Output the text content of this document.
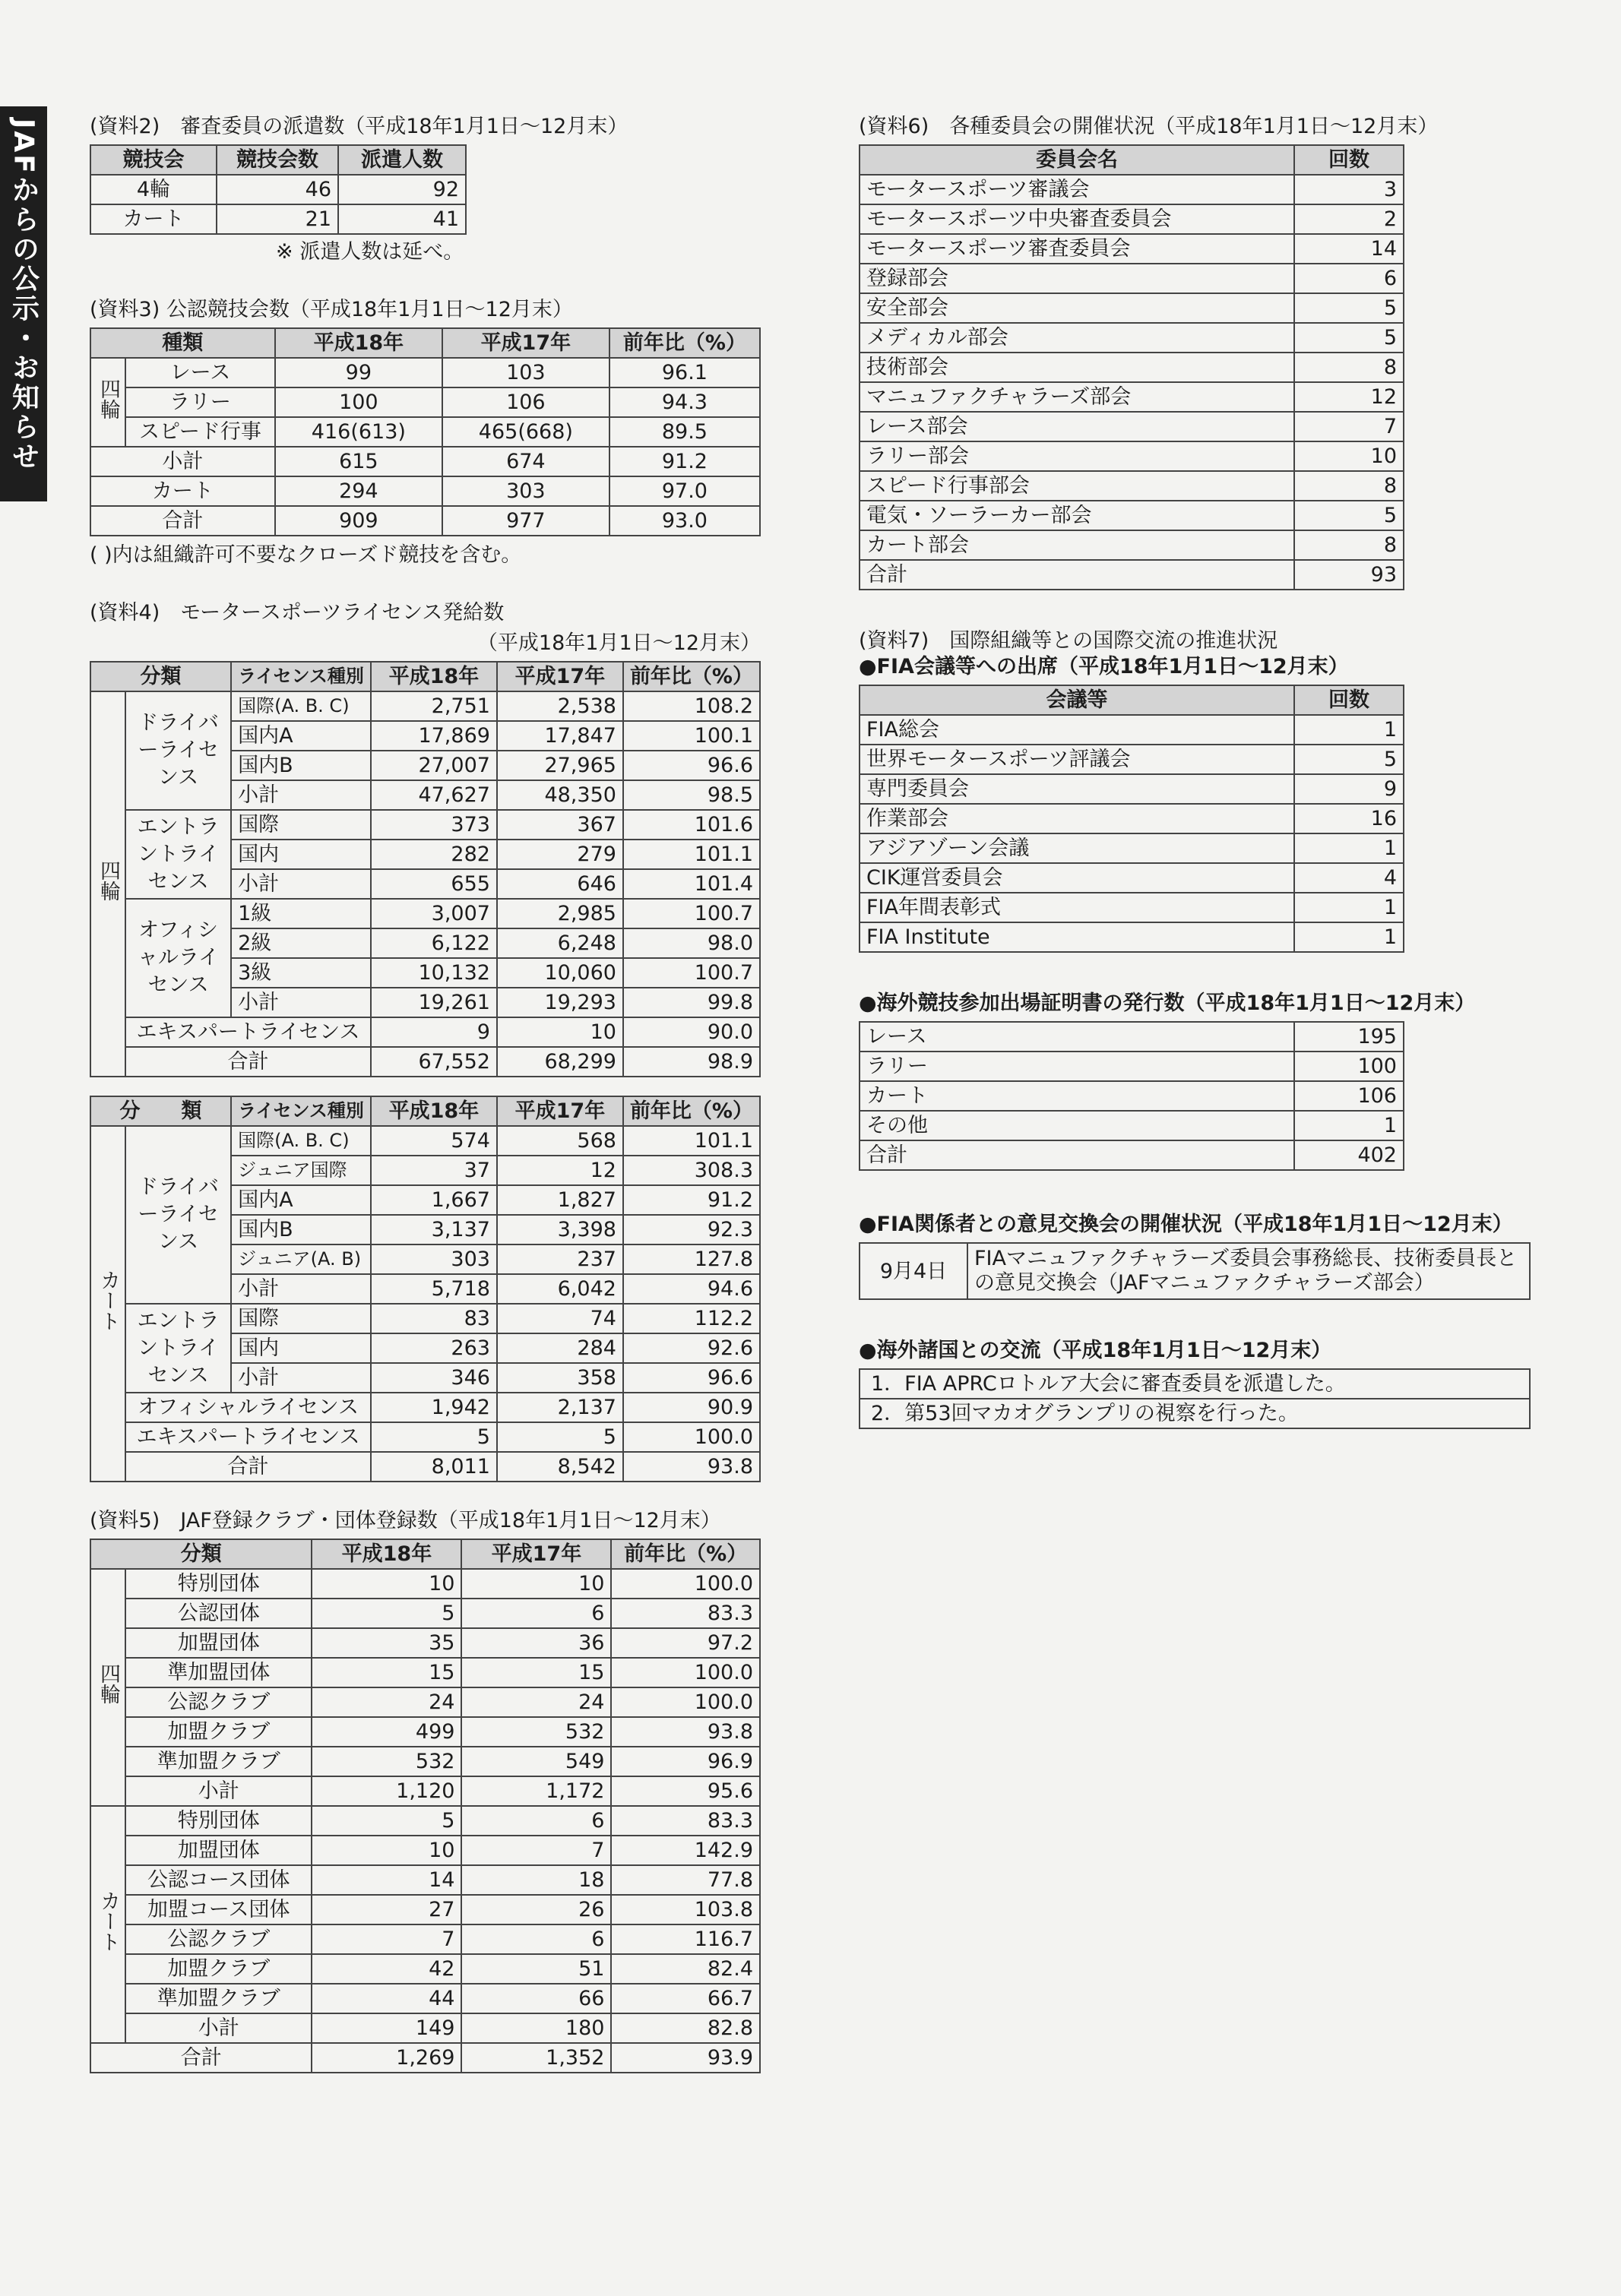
JAFからの公示・お知らせ (資料2)　審査委員の派遣数（平成18年1月1日〜12月末）
競技会	競技会数	派遣人数
4輪	46	92
カート	21	41
※ 派遣人数は延べ。
(資料3) 公認競技会数（平成18年1月1日〜12月末）
種類		平成18年	平成17年	前年比（%）
四輪	レース	99	103	96.1
	ラリー	100	106	94.3
	スピード行事	416(613)	465(668)	89.5
小計		615	674	91.2
カート		294	303	97.0
合計		909	977	93.0
( )内は組織許可不要なクローズド競技を含む。
(資料4)　モータースポーツライセンス発給数
（平成18年1月1日〜12月末）
分類		ライセンス種別	平成18年	平成17年	前年比（%）
四輪	ドライバーライセンス	国際(A. B. C)	2,751	2,538	108.2
		国内A	17,869	17,847	100.1
		国内B	27,007	27,965	96.6
		小計	47,627	48,350	98.5
	エントラントライセンス	国際	373	367	101.6
		国内	282	279	101.1
		小計	655	646	101.4
	オフィシャルライセンス	1級	3,007	2,985	100.7
		2級	6,122	6,248	98.0
		3級	10,132	10,060	100.7
		小計	19,261	19,293	99.8
	エキスパートライセンス		9	10	90.0
	合計		67,552	68,299	98.9
分　　類		ライセンス種別	平成18年	平成17年	前年比（%）
カート	ドライバーライセンス	国際(A. B. C)	574	568	101.1
		ジュニア国際	37	12	308.3
		国内A	1,667	1,827	91.2
		国内B	3,137	3,398	92.3
		ジュニア(A. B)	303	237	127.8
		小計	5,718	6,042	94.6
	エントラントライセンス	国際	83	74	112.2
		国内	263	284	92.6
		小計	346	358	96.6
	オフィシャルライセンス		1,942	2,137	90.9
	エキスパートライセンス		5	5	100.0
	合計		8,011	8,542	93.8
(資料5)　JAF登録クラブ・団体登録数（平成18年1月1日〜12月末）
分類		平成18年	平成17年	前年比（%）
四輪	特別団体	10	10	100.0
	公認団体	5	6	83.3
	加盟団体	35	36	97.2
	準加盟団体	15	15	100.0
	公認クラブ	24	24	100.0
	加盟クラブ	499	532	93.8
	準加盟クラブ	532	549	96.9
	小計	1,120	1,172	95.6
カート	特別団体	5	6	83.3
	加盟団体	10	7	142.9
	公認コース団体	14	18	77.8
	加盟コース団体	27	26	103.8
	公認クラブ	7	6	116.7
	加盟クラブ	42	51	82.4
	準加盟クラブ	44	66	66.7
	小計	149	180	82.8
合計		1,269	1,352	93.9
(資料6)　各種委員会の開催状況（平成18年1月1日〜12月末）
委員会名	回数
モータースポーツ審議会	3
モータースポーツ中央審査委員会	2
モータースポーツ審査委員会	14
登録部会	6
安全部会	5
メディカル部会	5
技術部会	8
マニュファクチャラーズ部会	12
レース部会	7
ラリー部会	10
スピード行事部会	8
電気・ソーラーカー部会	5
カート部会	8
合計	93
(資料7)　国際組織等との国際交流の推進状況
●FIA会議等への出席（平成18年1月1日〜12月末）
会議等	回数
FIA総会	1
世界モータースポーツ評議会	5
専門委員会	9
作業部会	16
アジアゾーン会議	1
CIK運営委員会	4
FIA年間表彰式	1
FIA Institute	1
●海外競技参加出場証明書の発行数（平成18年1月1日〜12月末）
レース	195
ラリー	100
カート	106
その他	1
合計	402
●FIA関係者との意見交換会の開催状況（平成18年1月1日〜12月末）
9月4日	FIAマニュファクチャラーズ委員会事務総長、技術委員長との意見交換会（JAFマニュファクチャラーズ部会）
●海外諸国との交流（平成18年1月1日〜12月末）
1．FIA APRCロトルア大会に審査委員を派遣した。
2．第53回マカオグランプリの視察を行った。
